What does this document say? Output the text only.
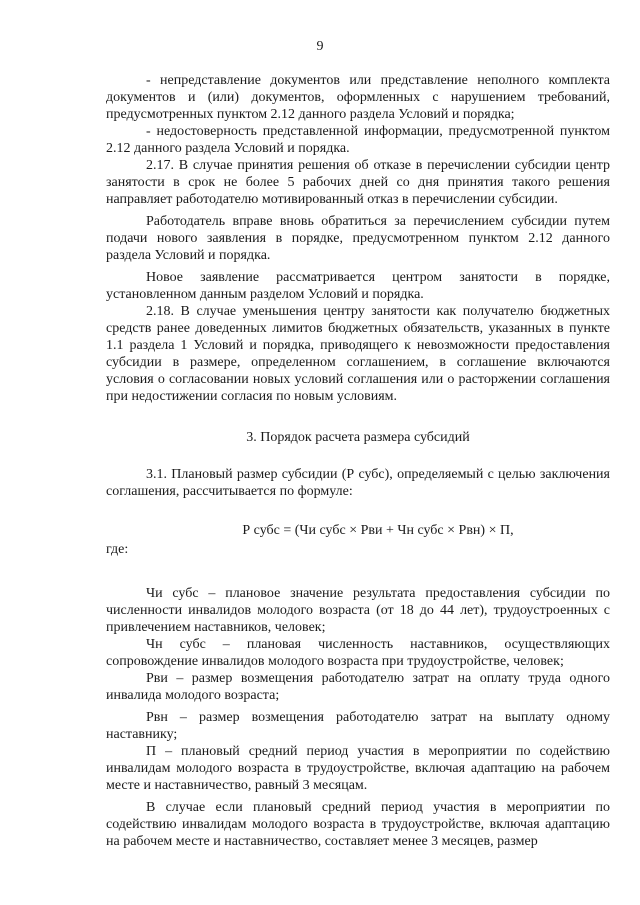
9

- непредставление документов или представление неполного комплекта документов и (или) документов, оформленных с нарушением требований, предусмотренных пунктом 2.12 данного раздела Условий и порядка;

- недостоверность представленной информации, предусмотренной пунктом 2.12 данного раздела Условий и порядка.

2.17. В случае принятия решения об отказе в перечислении субсидии центр занятости в срок не более 5 рабочих дней со дня принятия такого решения направляет работодателю мотивированный отказ в перечислении субсидии.

Работодатель вправе вновь обратиться за перечислением субсидии путем подачи нового заявления в порядке, предусмотренном пунктом 2.12 данного раздела Условий и порядка.

Новое заявление рассматривается центром занятости в порядке, установленном данным разделом Условий и порядка.

2.18. В случае уменьшения центру занятости как получателю бюджетных средств ранее доведенных лимитов бюджетных обязательств, указанных в пункте 1.1 раздела 1 Условий и порядка, приводящего к невозможности предоставления субсидии в размере, определенном соглашением, в соглашение включаются условия о согласовании новых условий соглашения или о расторжении соглашения при недостижении согласия по новым условиям.

3. Порядок расчета размера субсидий

3.1. Плановый размер субсидии (Р субс), определяемый с целью заключения соглашения, рассчитывается по формуле:

Р субс = (Чи субс × Рви + Чн субс × Рвн) × П,

где:

Чи субс – плановое значение результата предоставления субсидии по численности инвалидов молодого возраста (от 18 до 44 лет), трудоустроенных с привлечением наставников, человек;

Чн субс – плановая численность наставников, осуществляющих сопровождение инвалидов молодого возраста при трудоустройстве, человек;

Рви – размер возмещения работодателю затрат на оплату труда одного инвалида молодого возраста;

Рвн – размер возмещения работодателю затрат на выплату одному наставнику;

П – плановый средний период участия в мероприятии по содействию инвалидам молодого возраста в трудоустройстве, включая адаптацию на рабочем месте и наставничество, равный 3 месяцам.

В случае если плановый средний период участия в мероприятии по содействию инвалидам молодого возраста в трудоустройстве, включая адаптацию на рабочем месте и наставничество, составляет менее 3 месяцев, размер
